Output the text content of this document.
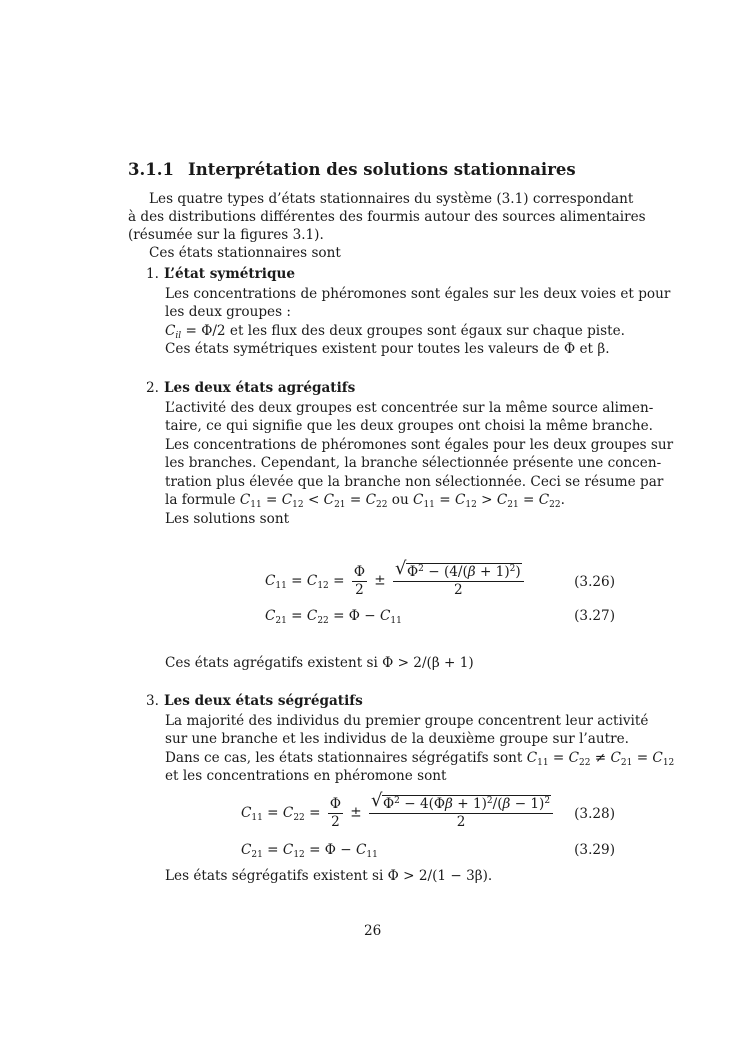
3.1.1 Interprétation des solutions stationnaires
Les quatre types d’états stationnaires du système (3.1) correspondant
à des distributions différentes des fourmis autour des sources alimentaires
(résumée sur la figures 3.1).
Ces états stationnaires sont
1. L’état symétrique
Les concentrations de phéromones sont égales sur les deux voies et pour
les deux groupes :
$C_{il} = \Phi/2$ et les flux des deux groupes sont égaux sur chaque piste.
Ces états symétriques existent pour toutes les valeurs de Φ et β.
2. Les deux états agrégatifs
L’activité des deux groupes est concentrée sur la même source alimen-
taire, ce qui signifie que les deux groupes ont choisi la même branche.
Les concentrations de phéromones sont égales pour les deux groupes sur
les branches. Cependant, la branche sélectionnée présente une concen-
tration plus élevée que la branche non sélectionnée. Ceci se résume par
la formule $C_{11} = C_{12} < C_{21} = C_{22}$ ou $C_{11} = C_{12} > C_{21} = C_{22}$.
Les solutions sont
$C_{11} = C_{12} = \frac{\Phi}{2} \pm \frac{√ \Phi^2 - (4/(\beta + 1)^2)}{2}$	(3.26)
$C_{21} = C_{22} = \Phi - C_{11}$	(3.27)
Ces états agrégatifs existent si Φ > 2/(β + 1)
3. Les deux états ségrégatifs
La majorité des individus du premier groupe concentrent leur activité
sur une branche et les individus de la deuxième groupe sur l’autre.
Dans ce cas, les états stationnaires ségrégatifs sont $C_{11} = C_{22} \ne C_{21} = C_{12}$
et les concentrations en phéromone sont
$C_{11} = C_{22} = \frac{\Phi}{2} \pm \frac{√ \Phi^2 - 4(\Phi\beta + 1)^2/(\beta - 1)^2}{2} (3.28)$
$C_{21} = C_{12} = \Phi - C_{11}$	(3.29)
Les états ségrégatifs existent si Φ > 2/(1 − 3β).
26
